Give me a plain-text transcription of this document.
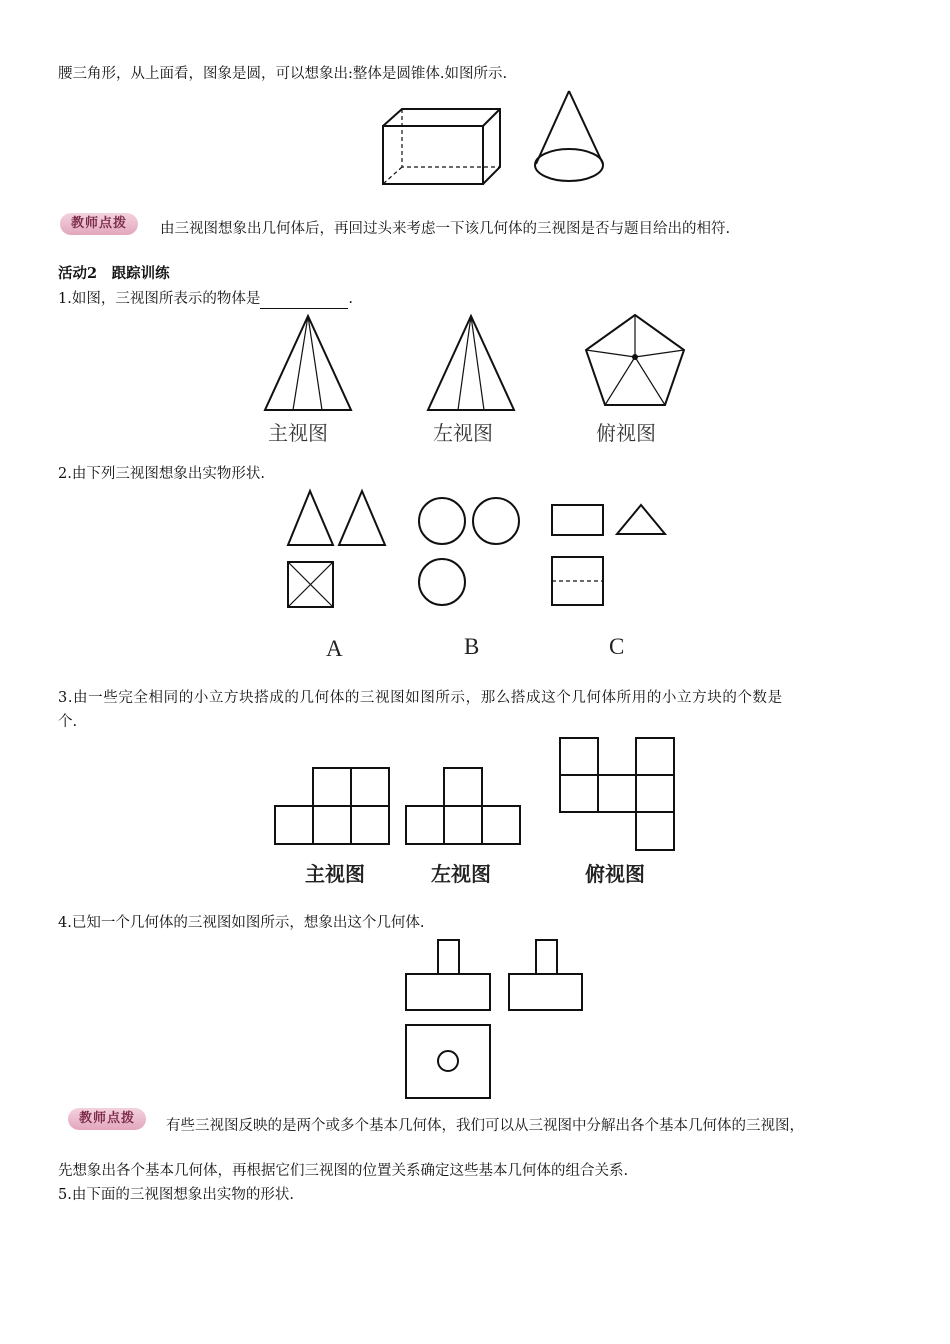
腰三角形，从上面看，图象是圆，可以想象出:整体是圆锥体.如图所示.
教师点拨	由三视图想象出几何体后，再回过头来考虑一下该几何体的三视图是否与题目给出的相符.
活动2　跟踪训练
1.如图，三视图所表示的物体是	.
2.由下列三视图想象出实物形状.
3.由一些完全相同的小立方块搭成的几何体的三视图如图所示，那么搭成这个几何体所用的小立方块的个数是
个.
4.已知一个几何体的三视图如图所示，想象出这个几何体.
教师点拨	有些三视图反映的是两个或多个基本几何体，我们可以从三视图中分解出各个基本几何体的三视图，
先想象出各个基本几何体，再根据它们三视图的位置关系确定这些基本几何体的组合关系.
5.由下面的三视图想象出实物的形状.
主视图	左视图	俯视图
A	B	C
主视图	左视图	俯视图
